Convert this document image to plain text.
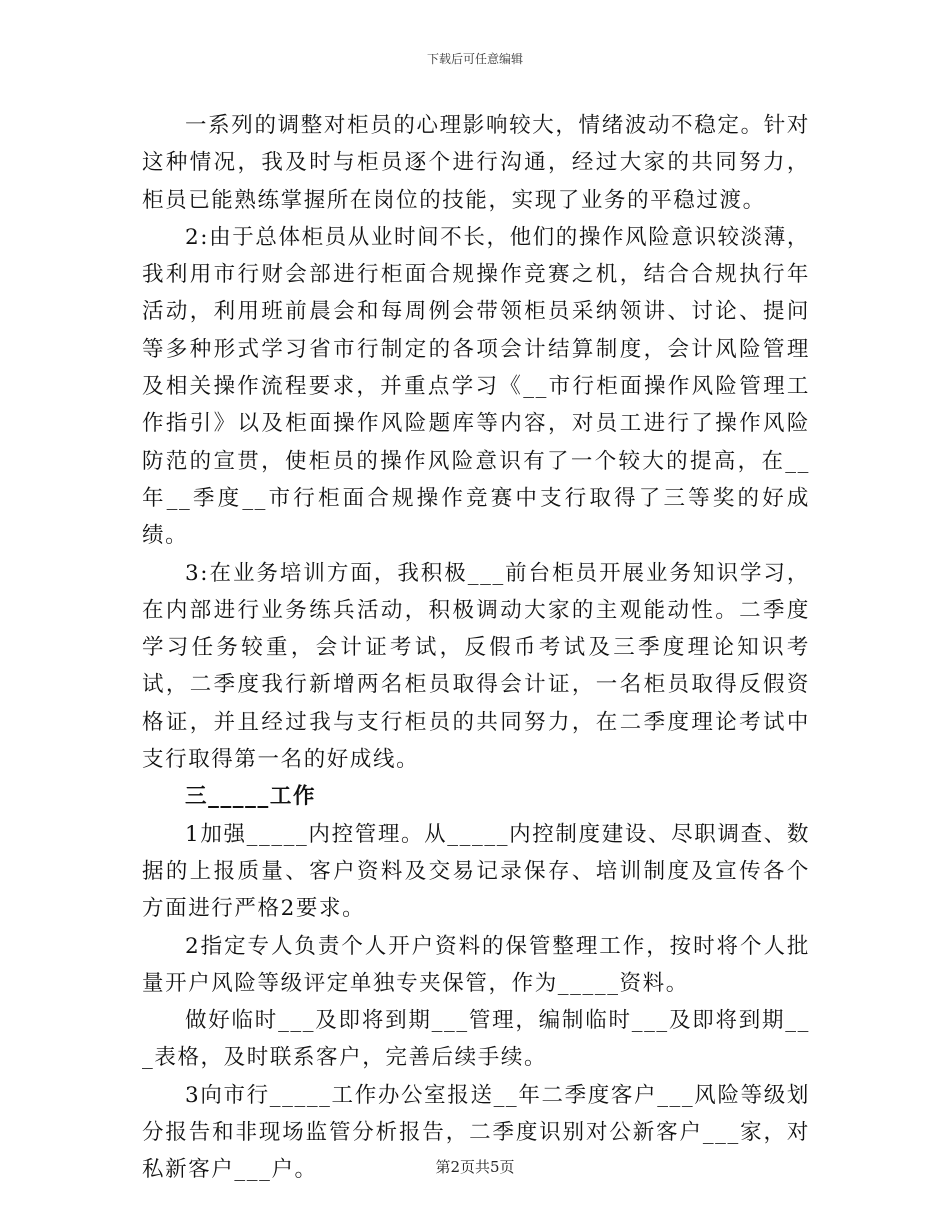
下载后可任意编辑

一系列的调整对柜员的心理影响较大，情绪波动不稳定。针对这种情况，我及时与柜员逐个进行沟通，经过大家的共同努力，柜员已能熟练掌握所在岗位的技能，实现了业务的平稳过渡。

2:由于总体柜员从业时间不长，他们的操作风险意识较淡薄，我利用市行财会部进行柜面合规操作竞赛之机，结合合规执行年活动，利用班前晨会和每周例会带领柜员采纳领讲、讨论、提问等多种形式学习省市行制定的各项会计结算制度，会计风险管理及相关操作流程要求，并重点学习《__市行柜面操作风险管理工作指引》以及柜面操作风险题库等内容，对员工进行了操作风险防范的宣贯，使柜员的操作风险意识有了一个较大的提高，在__年__季度__市行柜面合规操作竞赛中支行取得了三等奖的好成绩。

3:在业务培训方面，我积极___前台柜员开展业务知识学习，在内部进行业务练兵活动，积极调动大家的主观能动性。二季度学习任务较重，会计证考试，反假币考试及三季度理论知识考试，二季度我行新增两名柜员取得会计证，一名柜员取得反假资格证，并且经过我与支行柜员的共同努力，在二季度理论考试中支行取得第一名的好成线。

三_____工作

1加强_____内控管理。从_____内控制度建设、尽职调查、数据的上报质量、客户资料及交易记录保存、培训制度及宣传各个方面进行严格2要求。

2指定专人负责个人开户资料的保管整理工作，按时将个人批量开户风险等级评定单独专夹保管，作为_____资料。

做好临时___及即将到期___管理，编制临时___及即将到期___表格，及时联系客户，完善后续手续。

3向市行_____工作办公室报送__年二季度客户___风险等级划分报告和非现场监管分析报告，二季度识别对公新客户___家，对私新客户___户。	第2页共5页
